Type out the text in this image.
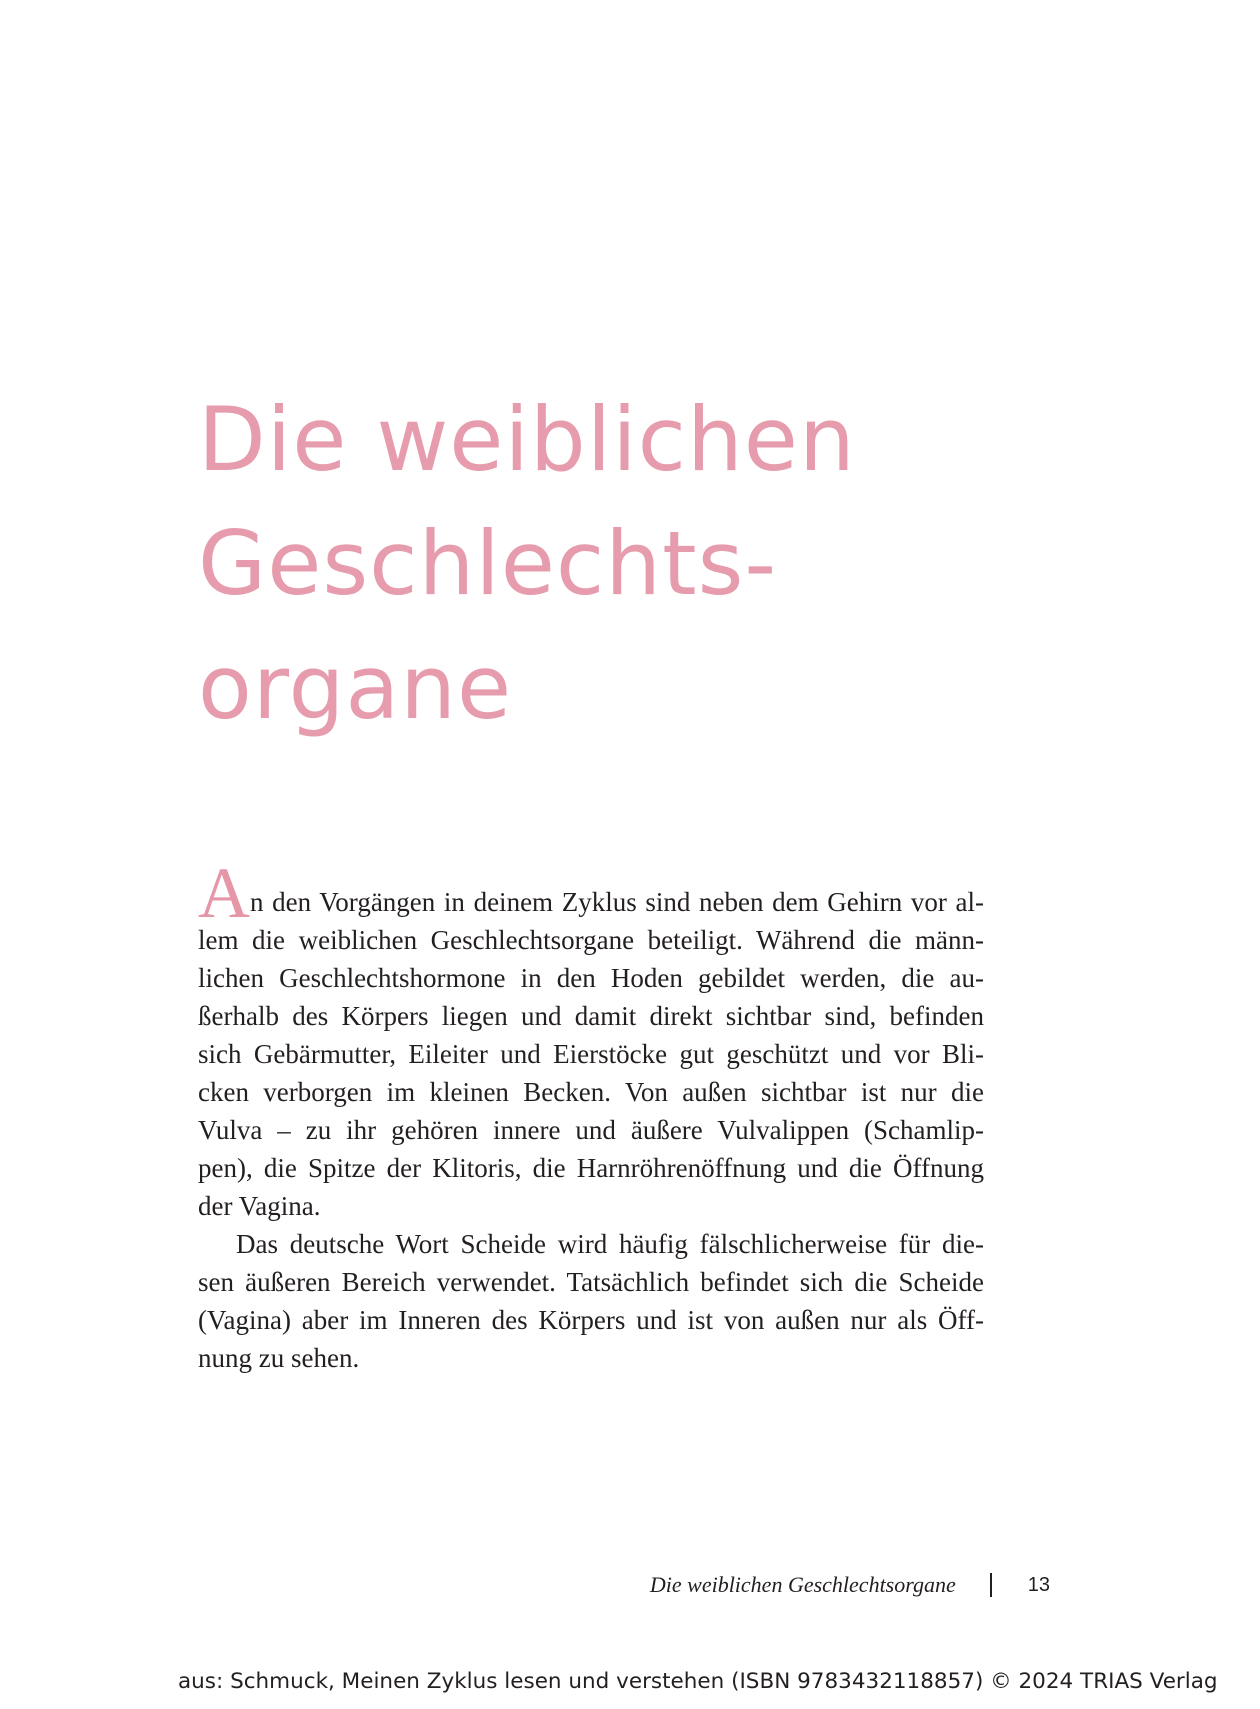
Die weiblichen
Geschlechts-
organe
An den Vorgängen in deinem Zyklus sind neben dem Gehirn vor al-
lem die weiblichen Geschlechtsorgane beteiligt. Während die männ-
lichen Geschlechtshormone in den Hoden gebildet werden, die au-
ßerhalb des Körpers liegen und damit direkt sichtbar sind, befinden
sich Gebärmutter, Eileiter und Eierstöcke gut geschützt und vor Bli-
cken verborgen im kleinen Becken. Von außen sichtbar ist nur die
Vulva – zu ihr gehören innere und äußere Vulvalippen (Schamlip-
pen), die Spitze der Klitoris, die Harnröhrenöffnung und die Öffnung
der Vagina.
Das deutsche Wort Scheide wird häufig fälschlicherweise für die-
sen äußeren Bereich verwendet. Tatsächlich befindet sich die Scheide
(Vagina) aber im Inneren des Körpers und ist von außen nur als Öff-
nung zu sehen.
Die weiblichen Geschlechtsorgane	13
aus: Schmuck, Meinen Zyklus lesen und verstehen (ISBN 9783432118857) © 2024 TRIAS Verlag
